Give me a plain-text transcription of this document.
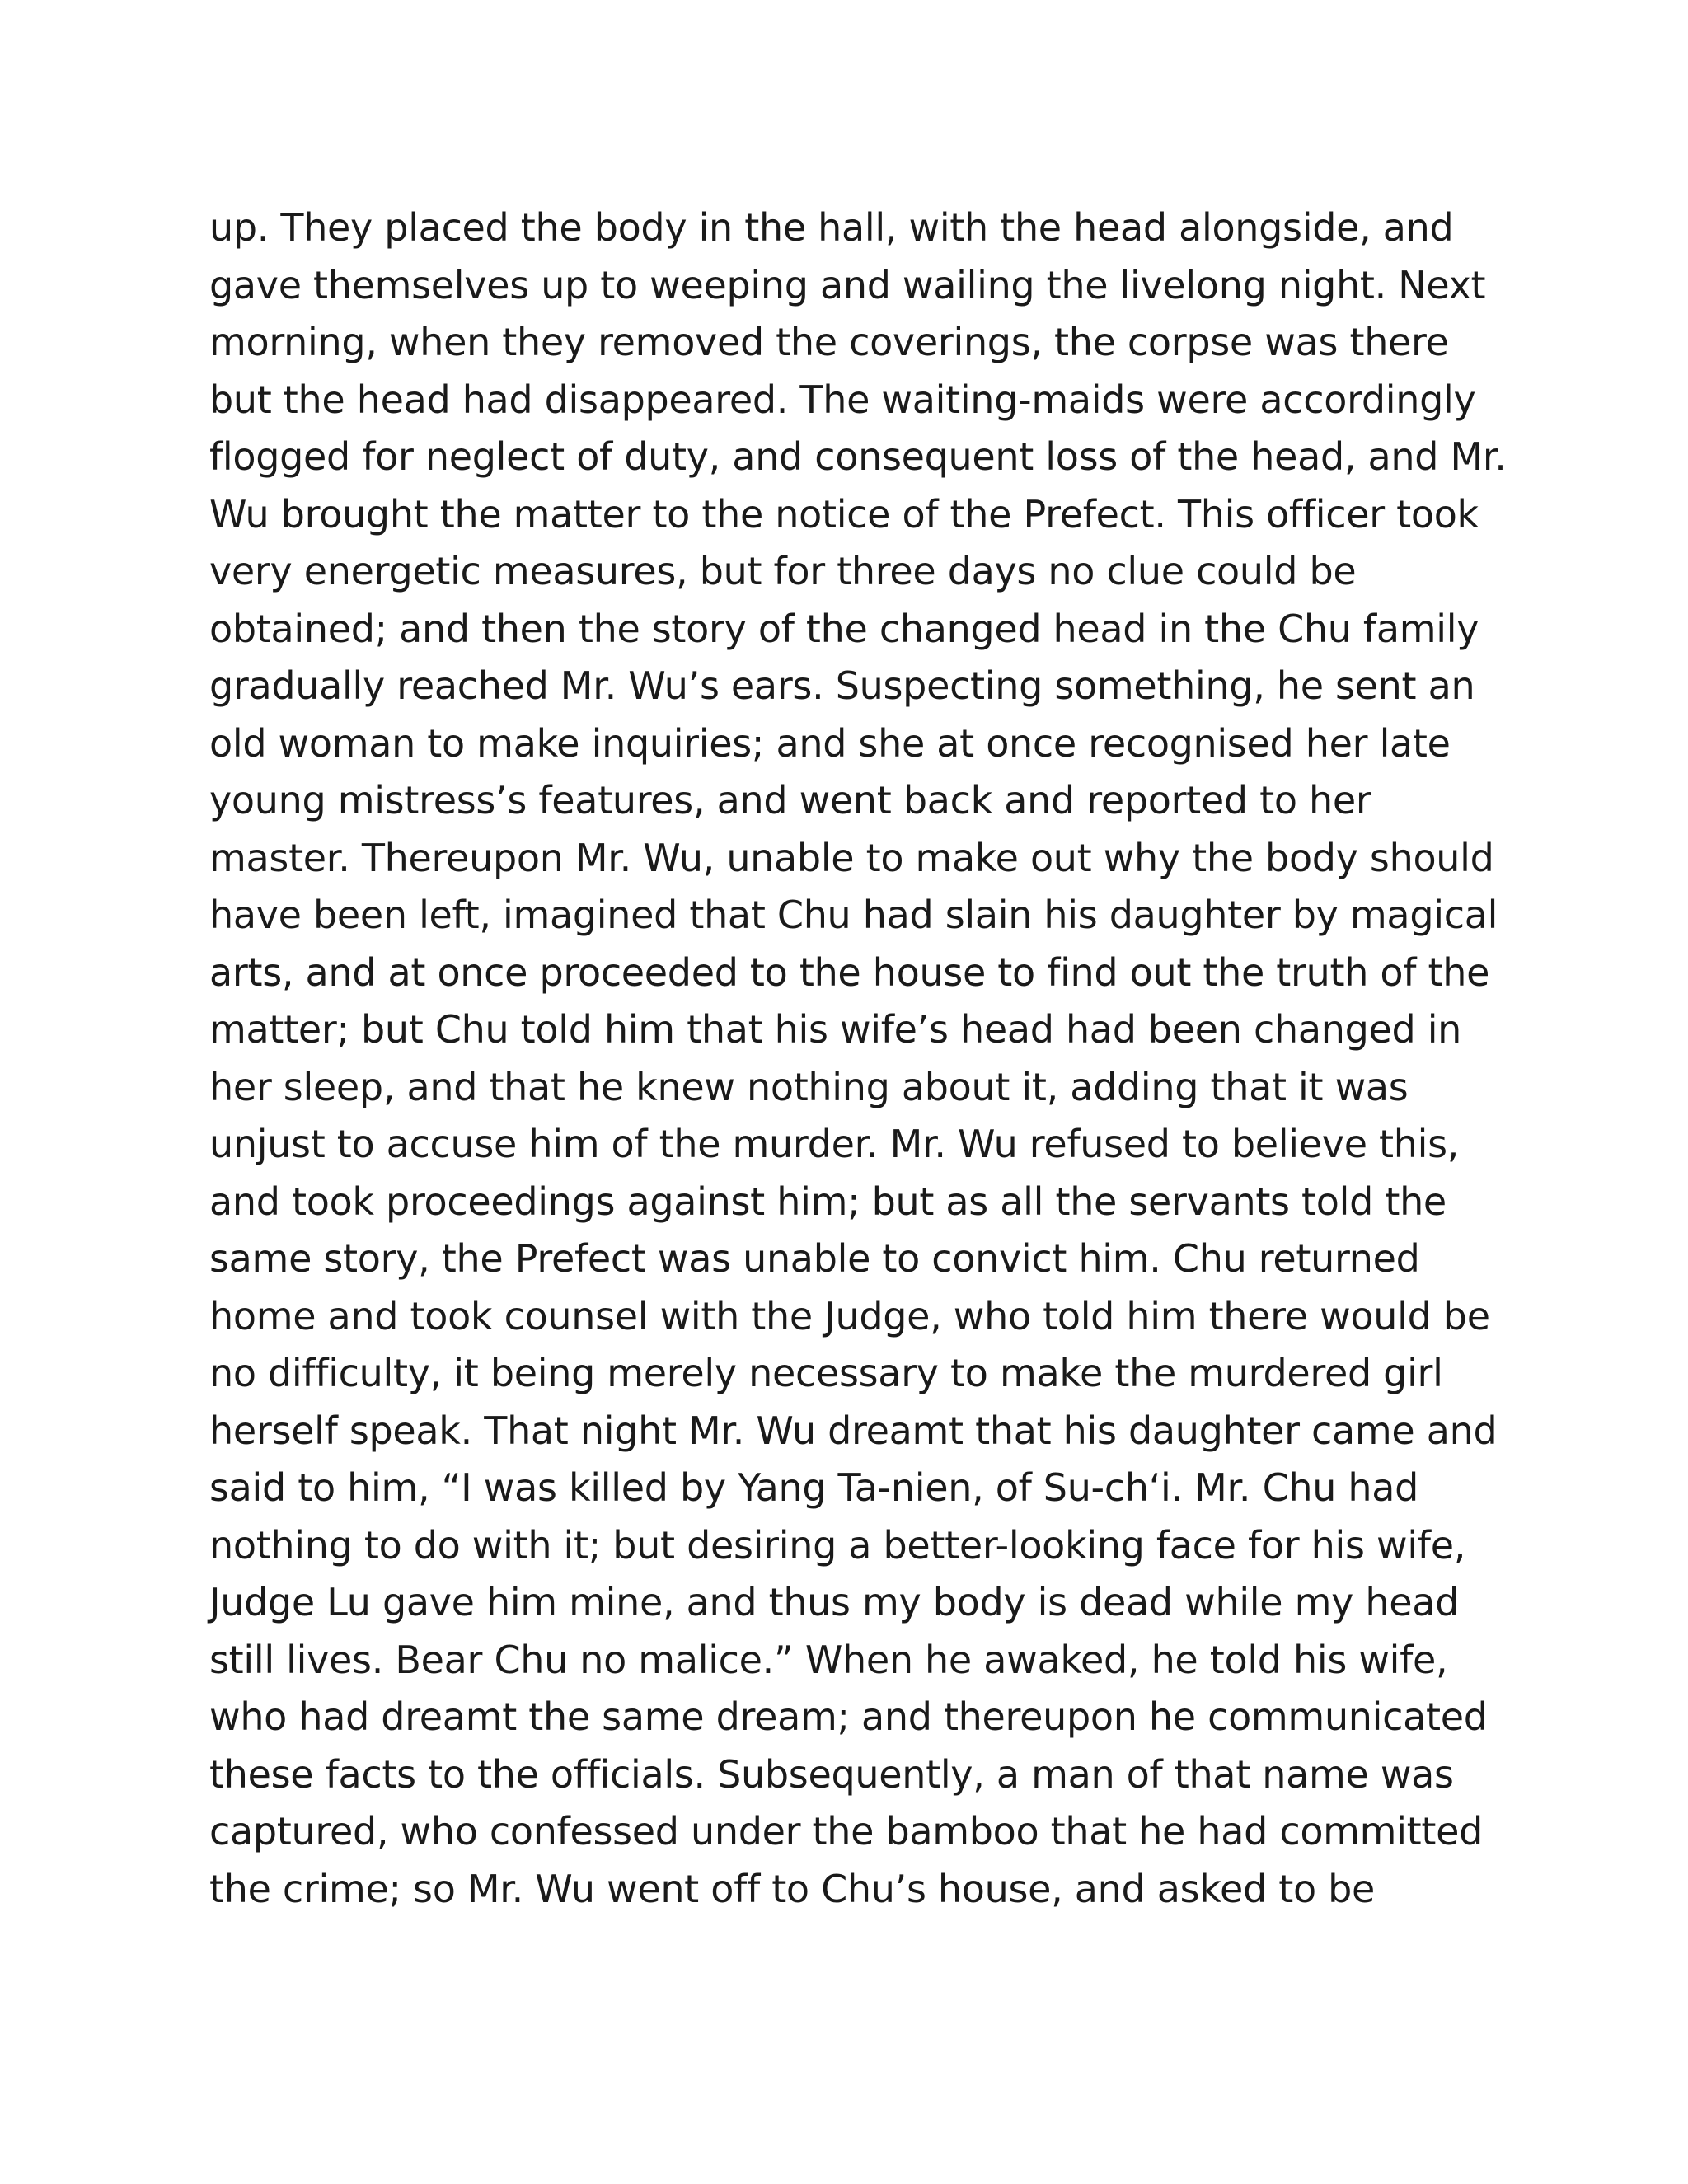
up. They placed the body in the hall, with the head alongside, and
gave themselves up to weeping and wailing the livelong night. Next
morning, when they removed the coverings, the corpse was there
but the head had disappeared. The waiting-maids were accordingly
flogged for neglect of duty, and consequent loss of the head, and Mr.
Wu brought the matter to the notice of the Prefect. This officer took
very energetic measures, but for three days no clue could be
obtained; and then the story of the changed head in the Chu family
gradually reached Mr. Wu’s ears. Suspecting something, he sent an
old woman to make inquiries; and she at once recognised her late
young mistress’s features, and went back and reported to her
master. Thereupon Mr. Wu, unable to make out why the body should
have been left, imagined that Chu had slain his daughter by magical
arts, and at once proceeded to the house to find out the truth of the
matter; but Chu told him that his wife’s head had been changed in
her sleep, and that he knew nothing about it, adding that it was
unjust to accuse him of the murder. Mr. Wu refused to believe this,
and took proceedings against him; but as all the servants told the
same story, the Prefect was unable to convict him. Chu returned
home and took counsel with the Judge, who told him there would be
no difficulty, it being merely necessary to make the murdered girl
herself speak. That night Mr. Wu dreamt that his daughter came and
said to him, “I was killed by Yang Ta-nien, of Su-ch‘i. Mr. Chu had
nothing to do with it; but desiring a better-looking face for his wife,
Judge Lu gave him mine, and thus my body is dead while my head
still lives. Bear Chu no malice.” When he awaked, he told his wife,
who had dreamt the same dream; and thereupon he communicated
these facts to the officials. Subsequently, a man of that name was
captured, who confessed under the bamboo that he had committed
the crime; so Mr. Wu went off to Chu’s house, and asked to be
